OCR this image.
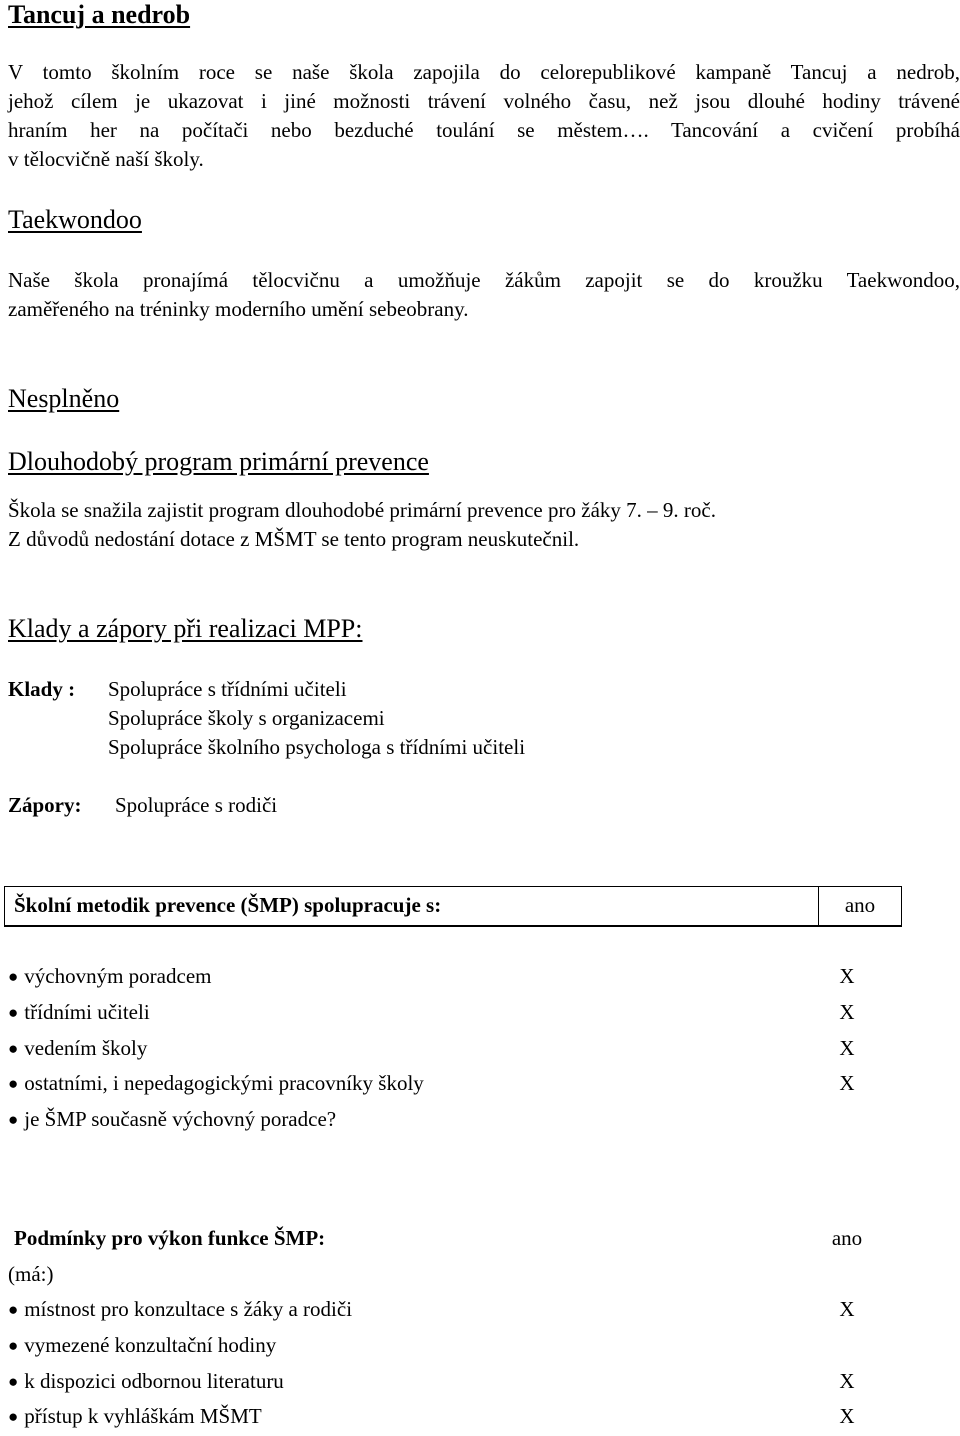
Tancuj a nedrob
V tomto školním roce se naše škola zapojila do celorepublikové kampaně Tancuj a nedrob,
jehož cílem je ukazovat i jiné možnosti trávení volného času, než jsou dlouhé hodiny trávené
hraním her na počítači nebo bezduché toulání se městem…. Tancování a cvičení probíhá
v tělocvičně naší školy.
Taekwondoo
Naše škola pronajímá tělocvičnu a umožňuje žákům zapojit se do kroužku Taekwondoo,
zaměřeného na tréninky moderního umění sebeobrany.
Nesplněno
Dlouhodobý program primární prevence
Škola se snažila zajistit program dlouhodobé primární prevence pro žáky 7. – 9. roč.
Z důvodů nedostání dotace z MŠMT se tento program neuskutečnil.
Klady a zápory při realizaci MPP:
Klady : Spolupráce s třídními učiteli
Spolupráce školy s organizacemi
Spolupráce školního psychologa s třídními učiteli
Zápory: Spolupráce s rodiči
Školní metodik prevence (ŠMP) spolupracuje s:	ano
● výchovným poradcem	X
● třídními učiteli	X
● vedením školy	X
● ostatními, i nepedagogickými pracovníky školy	X
● je ŠMP současně výchovný poradce?
Podmínky pro výkon funkce ŠMP:	ano
(má:)
● místnost pro konzultace s žáky a rodiči	X
● vymezené konzultační hodiny
● k dispozici odbornou literaturu	X
● přístup k vyhláškám MŠMT	X
